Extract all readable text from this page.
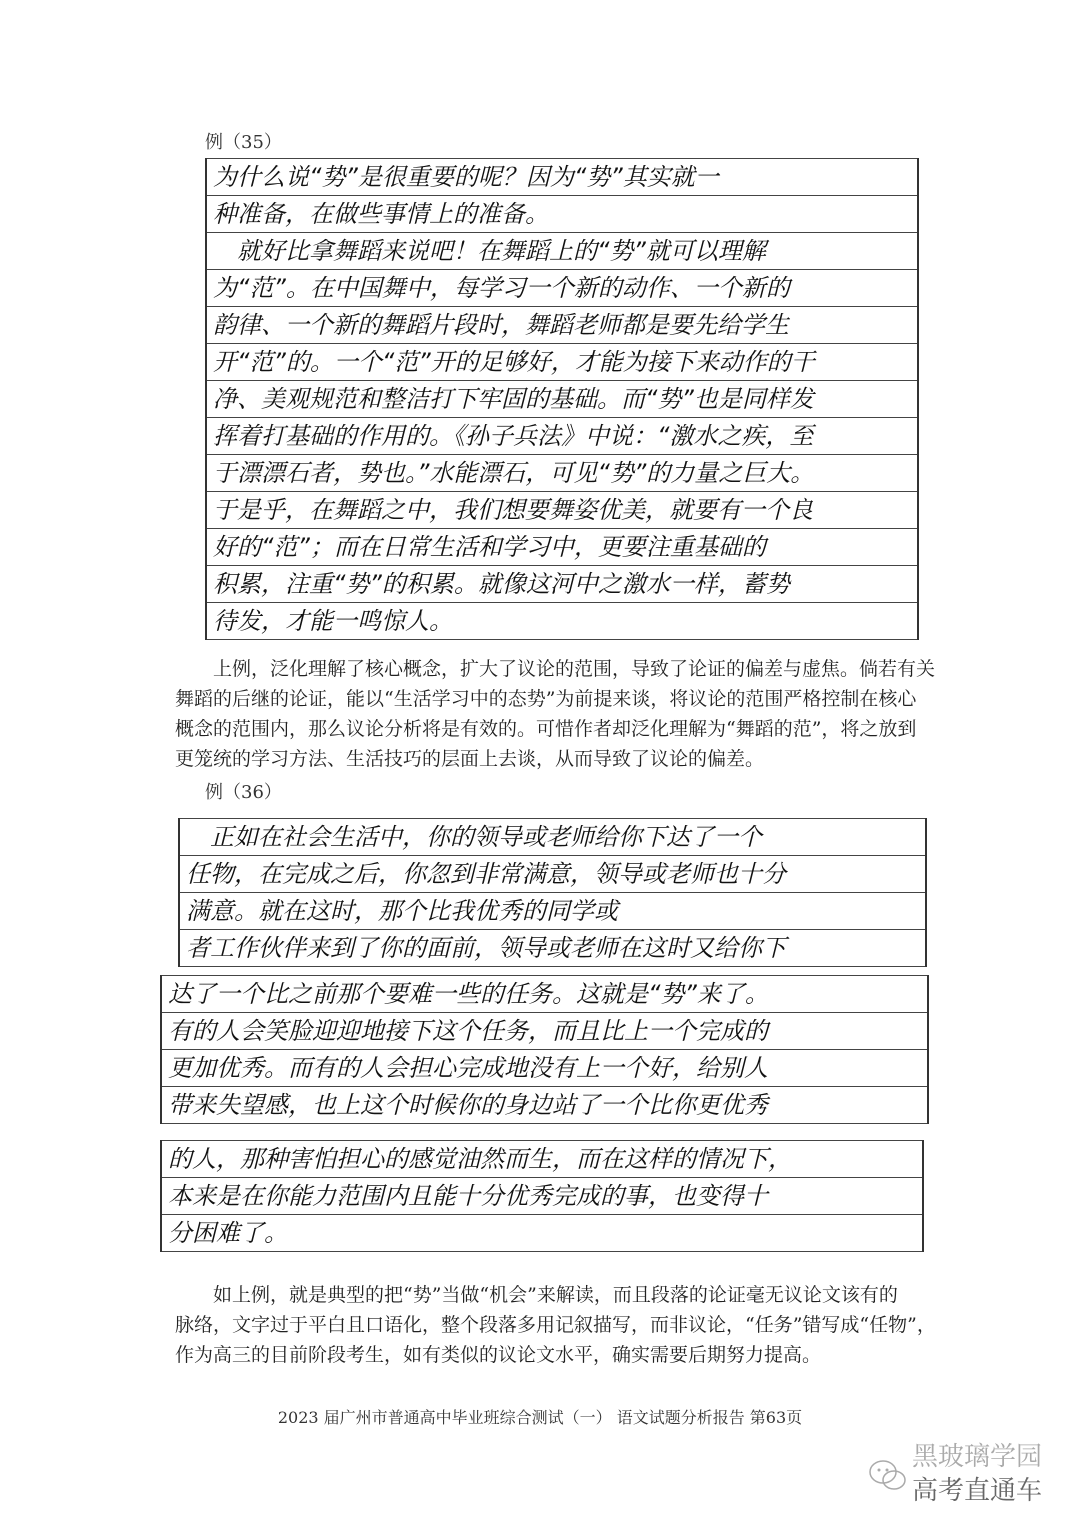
例（35）
为什么说“势”是很重要的呢？因为“势”其实就一
种准备，在做些事情上的准备。
　就好比拿舞蹈来说吧！在舞蹈上的“势”就可以理解
为“范”。在中国舞中，每学习一个新的动作、一个新的
韵律、一个新的舞蹈片段时，舞蹈老师都是要先给学生
开“范”的。一个“范”开的足够好，才能为接下来动作的干
净、美观规范和整洁打下牢固的基础。而“势”也是同样发
挥着打基础的作用的。《孙子兵法》中说：“激水之疾，至
于漂漂石者，势也。”水能漂石，可见“势”的力量之巨大。
于是乎，在舞蹈之中，我们想要舞姿优美，就要有一个良
好的“范”；而在日常生活和学习中，更要注重基础的
积累，注重“势”的积累。就像这河中之激水一样，蓄势
待发，才能一鸣惊人。
上例，泛化理解了核心概念，扩大了议论的范围，导致了论证的偏差与虚焦。倘若有关
舞蹈的后继的论证，能以“生活学习中的态势”为前提来谈，将议论的范围严格控制在核心
概念的范围内，那么议论分析将是有效的。可惜作者却泛化理解为“舞蹈的范”，将之放到
更笼统的学习方法、生活技巧的层面上去谈，从而导致了议论的偏差。
例（36）
　正如在社会生活中，你的领导或老师给你下达了一个
任物，在完成之后，你忽到非常满意，领导或老师也十分
满意。就在这时，那个比我优秀的同学或
者工作伙伴来到了你的面前，领导或老师在这时又给你下
达了一个比之前那个要难一些的任务。这就是“势”来了。
有的人会笑脸迎迎地接下这个任务，而且比上一个完成的
更加优秀。而有的人会担心完成地没有上一个好，给别人
带来失望感，也上这个时候你的身边站了一个比你更优秀
的人，那种害怕担心的感觉油然而生，而在这样的情况下，
本来是在你能力范围内且能十分优秀完成的事，也变得十
分困难了。
如上例，就是典型的把“势”当做“机会”来解读，而且段落的论证毫无议论文该有的
脉络，文字过于平白且口语化，整个段落多用记叙描写，而非议论，“任务”错写成“任物”，
作为高三的目前阶段考生，如有类似的议论文水平，确实需要后期努力提高。
2023 届广州市普通高中毕业班综合测试（一） 语文试题分析报告 第63页
黑玻璃学园
高考直通车
